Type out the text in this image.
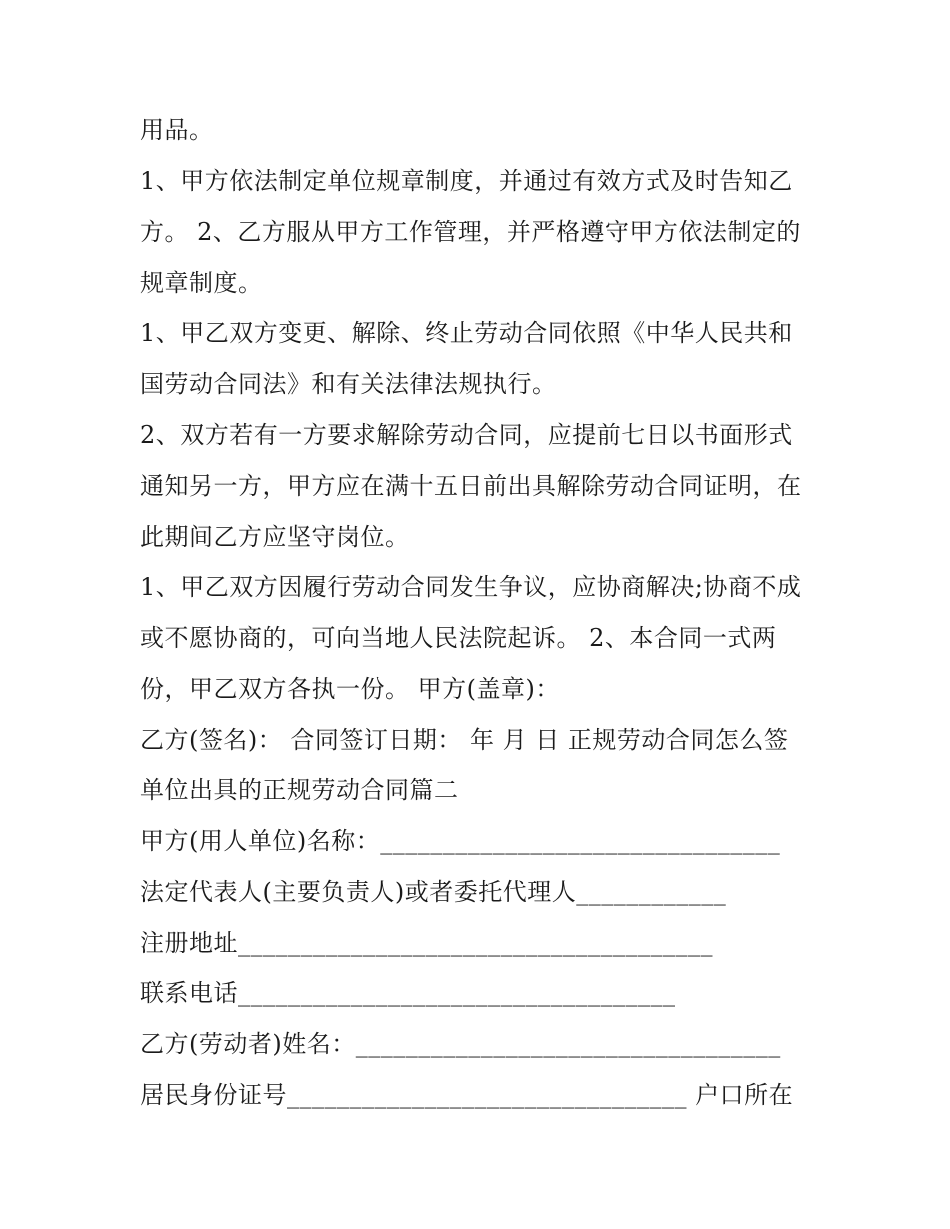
用品。
1、甲方依法制定单位规章制度，并通过有效方式及时告知乙
方。 2、乙方服从甲方工作管理，并严格遵守甲方依法制定的
规章制度。
1、甲乙双方变更、解除、终止劳动合同依照《中华人民共和
国劳动合同法》和有关法律法规执行。
2、双方若有一方要求解除劳动合同，应提前七日以书面形式
通知另一方，甲方应在满十五日前出具解除劳动合同证明，在
此期间乙方应坚守岗位。
1、甲乙双方因履行劳动合同发生争议，应协商解决;协商不成
或不愿协商的，可向当地人民法院起诉。 2、本合同一式两
份，甲乙双方各执一份。 甲方(盖章)：
乙方(签名)： 合同签订日期： 年 月 日 正规劳动合同怎么签
单位出具的正规劳动合同篇二
甲方(用人单位)名称：________________________________
法定代表人(主要负责人)或者委托代理人____________
注册地址______________________________________
联系电话___________________________________
乙方(劳动者)姓名：__________________________________
居民身份证号________________________________ 户口所在
